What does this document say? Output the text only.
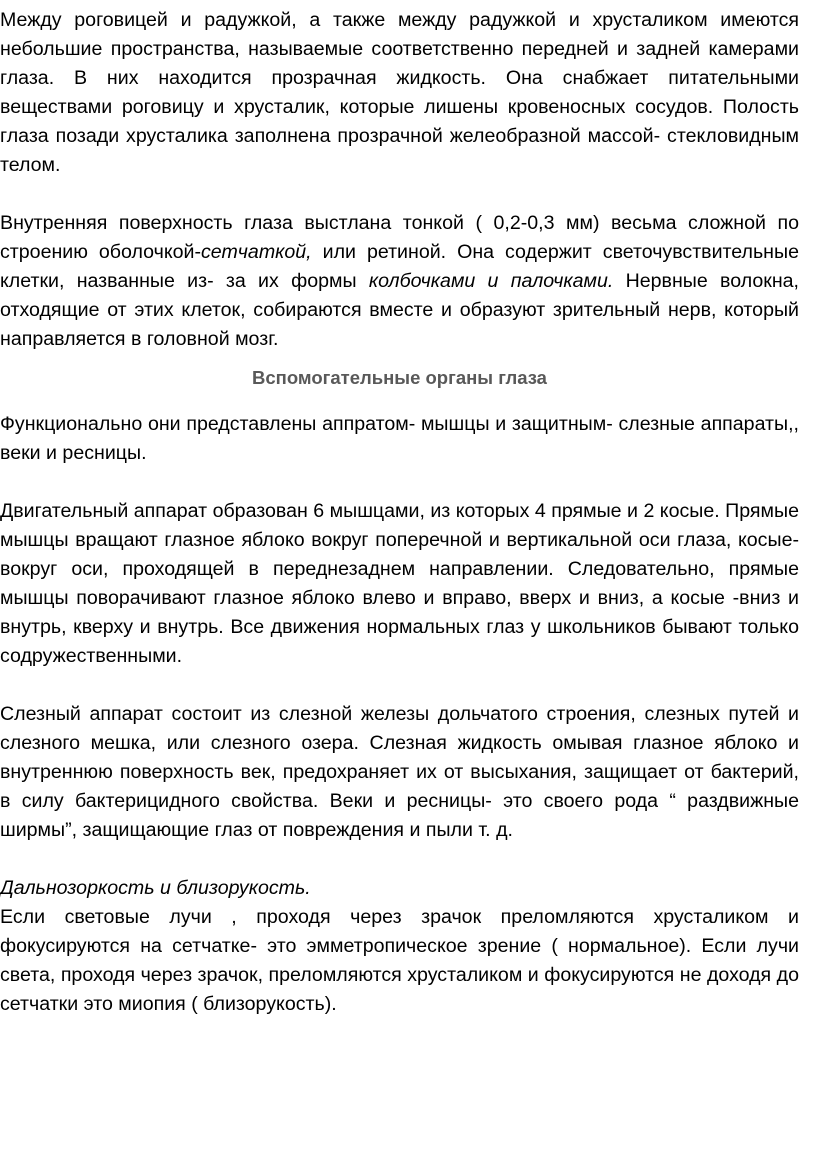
Между роговицей и радужкой, а также между радужкой и хрусталиком имеются небольшие пространства, называемые соответственно передней и задней камерами глаза. В них находится прозрачная жидкость. Она снабжает питательными веществами роговицу и хрусталик, которые лишены кровеносных сосудов. Полость глаза позади хрусталика заполнена прозрачной желеобразной массой- стекловидным телом.

Внутренняя поверхность глаза выстлана тонкой ( 0,2-0,3 мм) весьма сложной по строению оболочкой-сетчаткой, или ретиной. Она содержит светочувствительные клетки, названные из- за их формы колбочками и палочками. Нервные волокна, отходящие от этих клеток, собираются вместе и образуют зрительный нерв, который направляется в головной мозг.

Вспомогательные органы глаза

Функционально они представлены аппратом- мышцы и защитным- слезные аппараты,, веки и ресницы.

Двигательный аппарат образован 6 мышцами, из которых 4 прямые и 2 косые. Прямые мышцы вращают глазное яблоко вокруг поперечной и вертикальной оси глаза, косые- вокруг оси, проходящей в переднезаднем направлении. Следовательно, прямые мышцы поворачивают глазное яблоко влево и вправо, вверх и вниз, а косые -вниз и внутрь, кверху и внутрь. Все движения нормальных глаз у школьников бывают только содружественными.

Слезный аппарат состоит из слезной железы дольчатого строения, слезных путей и слезного мешка, или слезного озера. Слезная жидкость омывая глазное яблоко и внутреннюю поверхность век, предохраняет их от высыхания, защищает от бактерий, в силу бактерицидного свойства. Веки и ресницы- это своего рода “ раздвижные ширмы”, защищающие глаз от повреждения и пыли т. д.

Дальнозоркость и близорукость.

Если световые лучи , проходя через зрачок преломляются хрусталиком и фокусируются на сетчатке- это эмметропическое зрение ( нормальное). Если лучи света, проходя через зрачок, преломляются хрусталиком и фокусируются не доходя до сетчатки это миопия ( близорукость).
